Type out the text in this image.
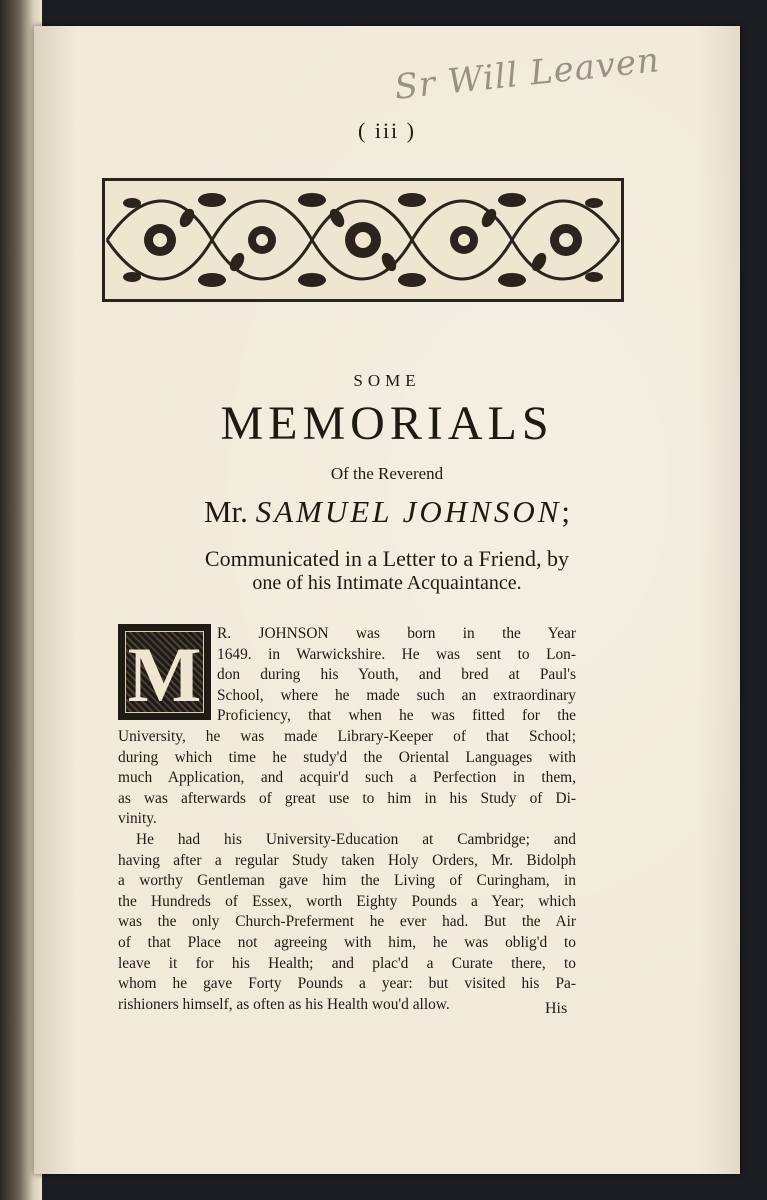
Sr Will Leaven
( iii )
SOME
MEMORIALS
Of the Reverend
Mr. SAMUEL JOHNSON;
Communicated in a Letter to a Friend, by
one of his Intimate Acquaintance.
M	R. JOHNSON was born in the Year
1649. in Warwickshire. He was sent to Lon-
don during his Youth, and bred at Paul's
School, where he made such an extraordinary
Proficiency, that when he was fitted for the
University, he was made Library-Keeper of that School;
during which time he study'd the Oriental Languages with
much Application, and acquir'd such a Perfection in them,
as was afterwards of great use to him in his Study of Di-
vinity.
He had his University-Education at Cambridge; and
having after a regular Study taken Holy Orders, Mr. Bidolph
a worthy Gentleman gave him the Living of Curingham, in
the Hundreds of Essex, worth Eighty Pounds a Year; which
was the only Church-Preferment he ever had. But the Air
of that Place not agreeing with him, he was oblig'd to
leave it for his Health; and plac'd a Curate there, to
whom he gave Forty Pounds a year: but visited his Pa-
rishioners himself, as often as his Health wou'd allow.	His
